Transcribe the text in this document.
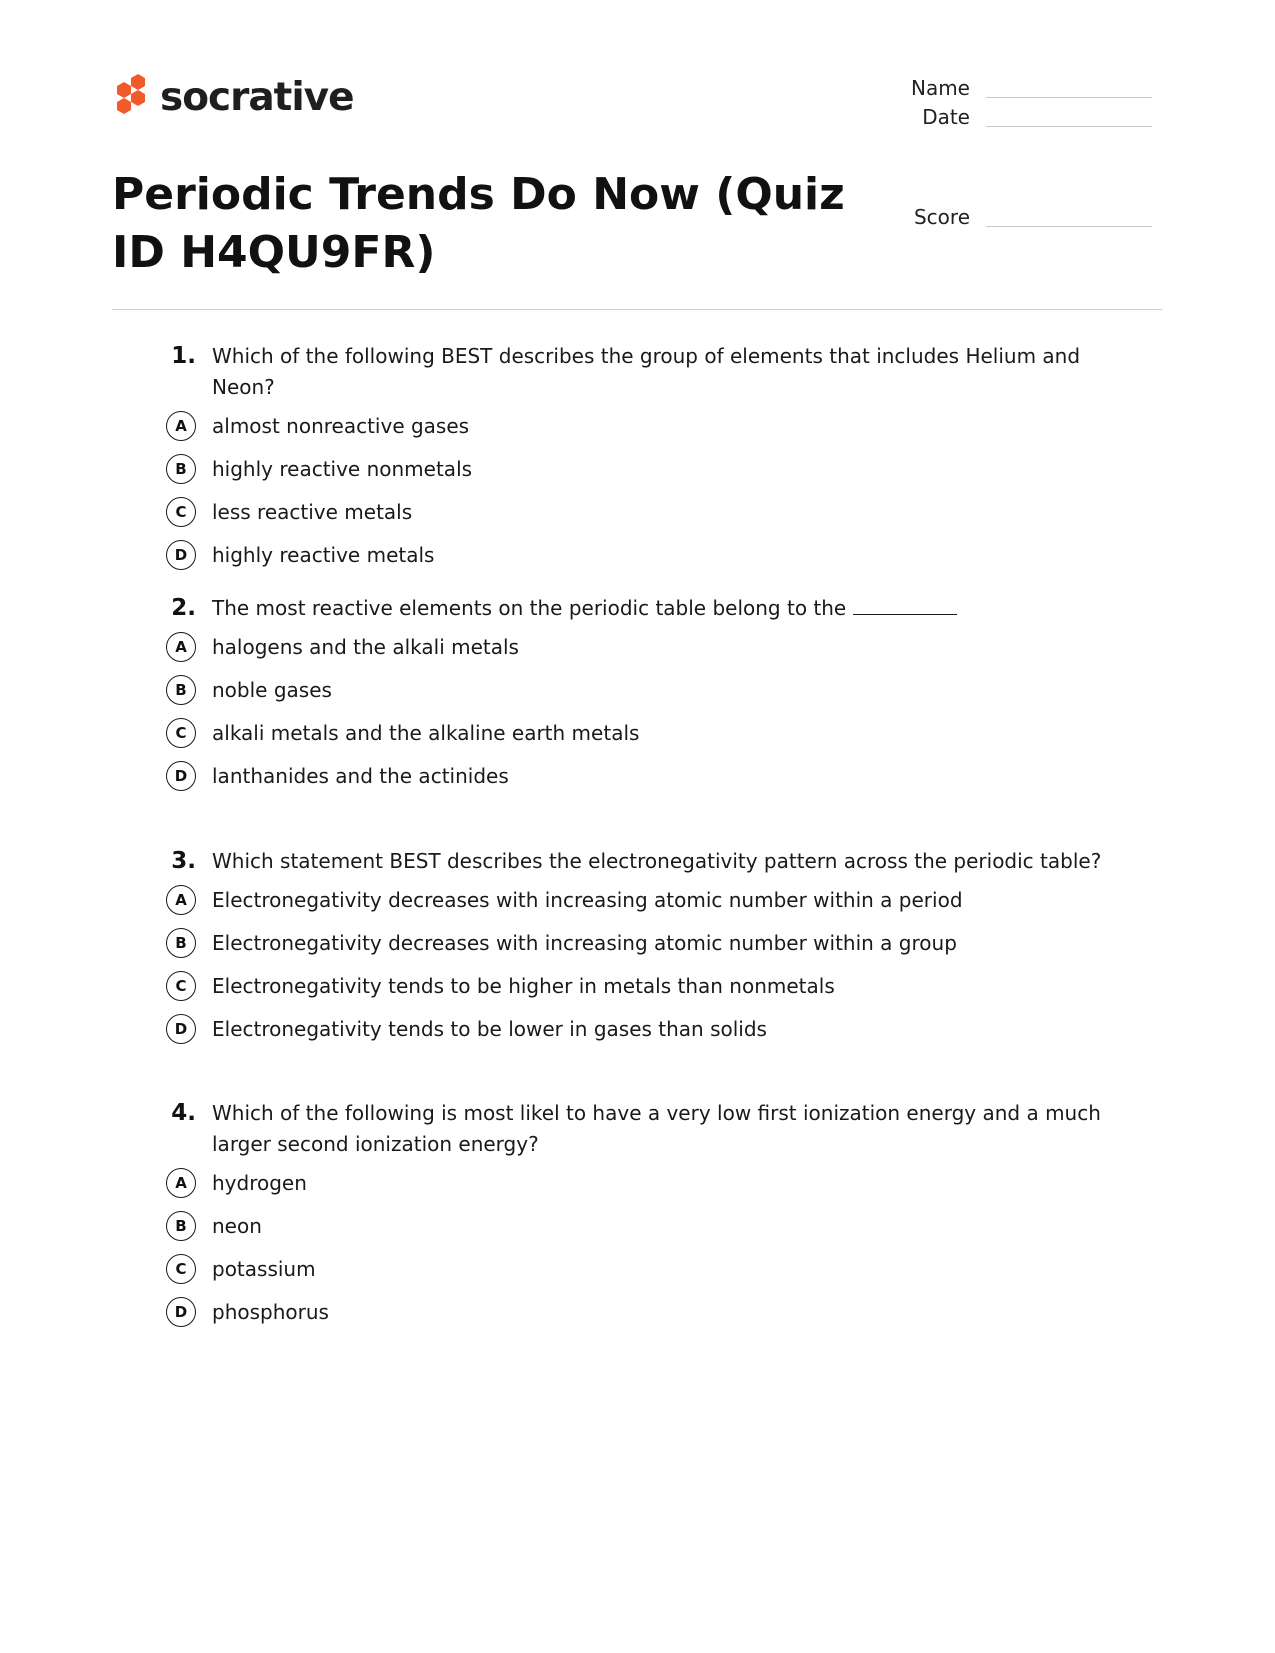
socrative	Name
Date
Score
Periodic Trends Do Now (Quiz ID H4QU9FR)
1. Which of the following BEST describes the group of elements that includes Helium and Neon?
A	almost nonreactive gases
B	highly reactive nonmetals
C	less reactive metals
D	highly reactive metals
2. The most reactive elements on the periodic table belong to the
A	halogens and the alkali metals
B	noble gases
C	alkali metals and the alkaline earth metals
D	lanthanides and the actinides
3. Which statement BEST describes the electronegativity pattern across the periodic table?
A	Electronegativity decreases with increasing atomic number within a period
B	Electronegativity decreases with increasing atomic number within a group
C	Electronegativity tends to be higher in metals than nonmetals
D	Electronegativity tends to be lower in gases than solids
4. Which of the following is most likel to have a very low first ionization energy and a much larger second ionization energy?
A	hydrogen
B	neon
C	potassium
D	phosphorus
